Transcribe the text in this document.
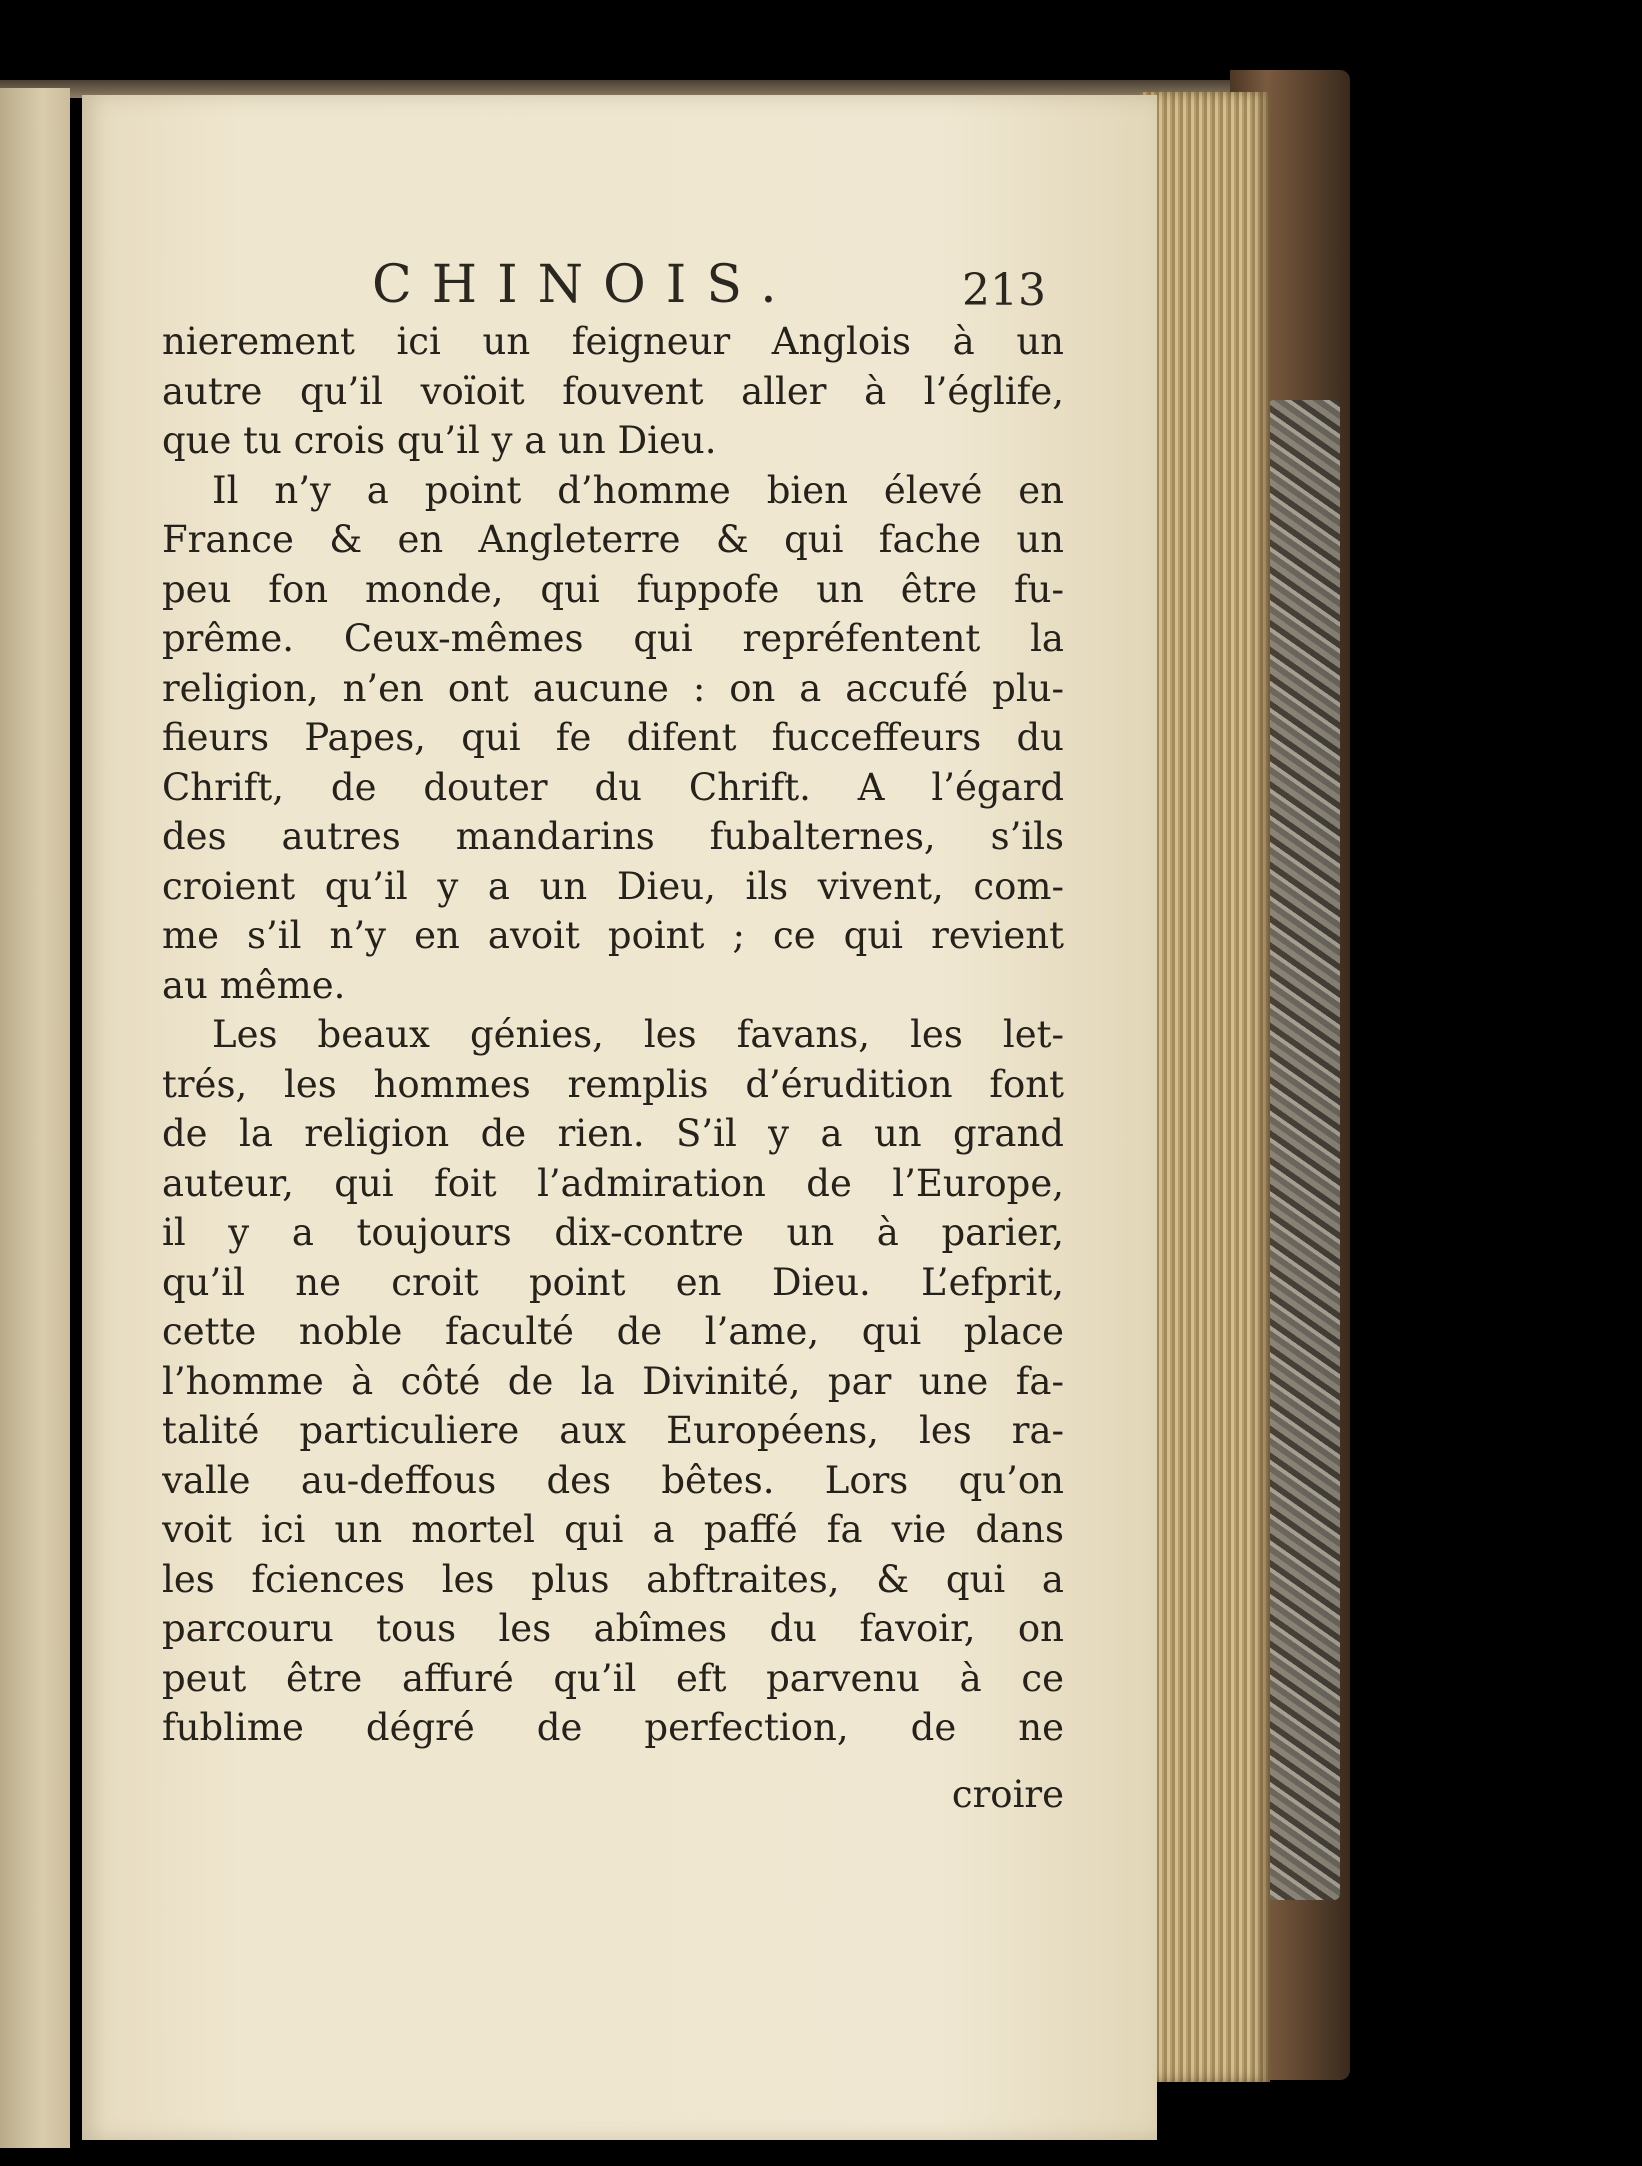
CHINOIS.	213
nierement ici un feigneur Anglois à un
autre qu’il voïoit fouvent aller à l’églife,
que tu crois qu’il y a un Dieu.
Il n’y a point d’homme bien élevé en
France & en Angleterre & qui fache un
peu fon monde, qui fuppofe un être fu-
prême. Ceux-mêmes qui repréfentent la
religion, n’en ont aucune : on a accufé plu-
fieurs Papes, qui fe difent fucceffeurs du
Chrift, de douter du Chrift. A l’égard
des autres mandarins fubalternes, s’ils
croient qu’il y a un Dieu, ils vivent, com-
me s’il n’y en avoit point ; ce qui revient
au même.
Les beaux génies, les favans, les let-
trés, les hommes remplis d’érudition font
de la religion de rien. S’il y a un grand
auteur, qui foit l’admiration de l’Europe,
il y a toujours dix-contre un à parier,
qu’il ne croit point en Dieu. L’efprit,
cette noble faculté de l’ame, qui place
l’homme à côté de la Divinité, par une fa-
talité particuliere aux Européens, les ra-
valle au-deffous des bêtes. Lors qu’on
voit ici un mortel qui a paffé fa vie dans
les fciences les plus abftraites, & qui a
parcouru tous les abîmes du favoir, on
peut être affuré qu’il eft parvenu à ce
fublime dégré de perfection, de ne
croire
